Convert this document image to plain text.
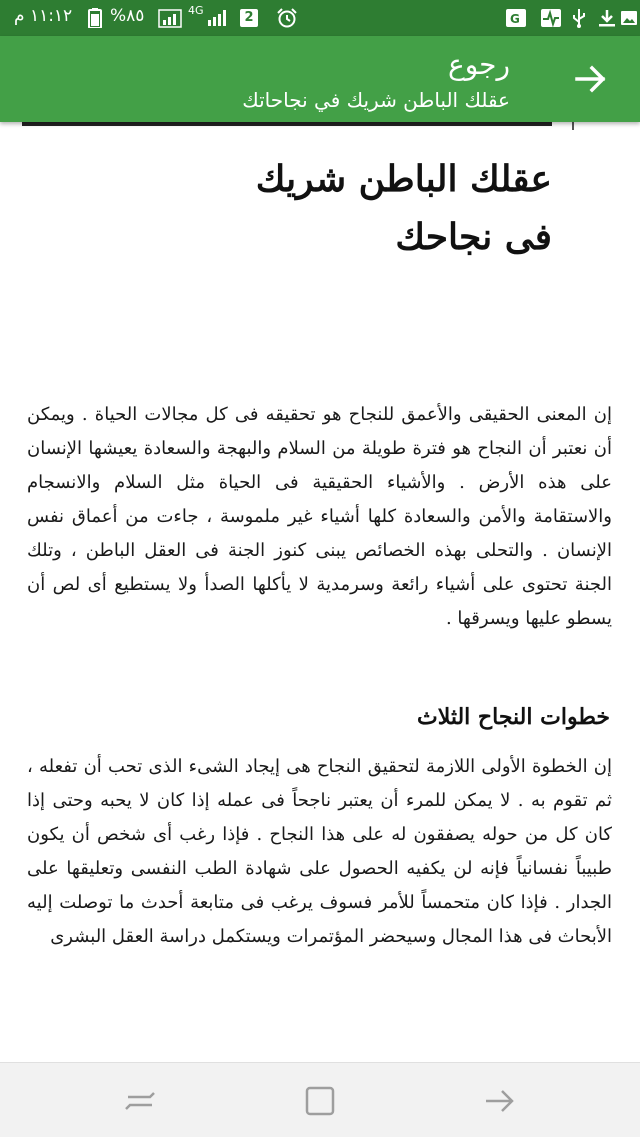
١١:١٢ م %٨٥	4G	2	G
رجوع
عقلك الباطن شريك في نجاحاتك
عقلك الباطن شريك
فى نجاحك
إن المعنى الحقيقى والأعمق للنجاح هو تحقيقه فى كل مجالات الحياة . ويمكن أن نعتبر أن النجاح هو فترة طويلة من السلام والبهجة والسعادة يعيشها الإنسان على هذه الأرض . والأشياء الحقيقية فى الحياة مثل السلام والانسجام والاستقامة والأمن والسعادة كلها أشياء غير ملموسة ، جاءت من أعماق نفس الإنسان . والتحلى بهذه الخصائص يبنى كنوز الجنة فى العقل الباطن ، وتلك الجنة تحتوى على أشياء رائعة وسرمدية لا يأكلها الصدأ ولا يستطيع أى لص أن يسطو عليها ويسرقها .
خطوات النجاح الثلاث
إن الخطوة الأولى اللازمة لتحقيق النجاح هى إيجاد الشىء الذى تحب أن تفعله ، ثم تقوم به . لا يمكن للمرء أن يعتبر ناجحاً فى عمله إذا كان لا يحبه وحتى إذا كان كل من حوله يصفقون له على هذا النجاح . فإذا رغب أى شخص أن يكون طبيباً نفسانياً فإنه لن يكفيه الحصول على شهادة الطب النفسى وتعليقها على الجدار . فإذا كان متحمساً للأمر فسوف يرغب فى متابعة أحدث ما توصلت إليه الأبحاث فى هذا المجال وسيحضر المؤتمرات ويستكمل دراسة العقل البشرى
